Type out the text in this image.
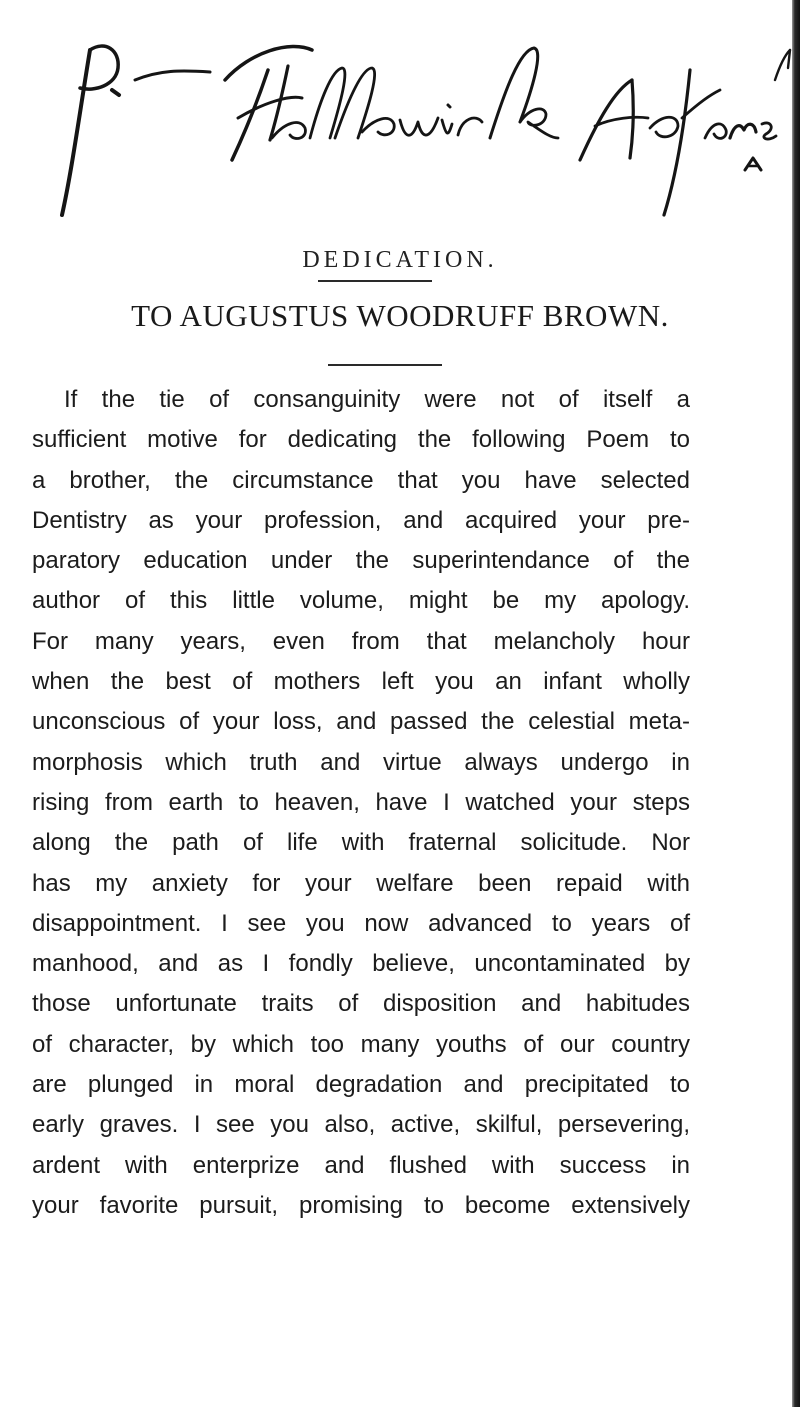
DEDICATION.
TO AUGUSTUS WOODRUFF BROWN.
If the tie of consanguinity were not of itself a
sufficient motive for dedicating the following Poem to
a brother, the circumstance that you have selected
Dentistry as your profession, and acquired your pre-
paratory education under the superintendance of the
author of this little volume, might be my apology.
For many years, even from that melancholy hour
when the best of mothers left you an infant wholly
unconscious of your loss, and passed the celestial meta-
morphosis which truth and virtue always undergo in
rising from earth to heaven, have I watched your steps
along the path of life with fraternal solicitude. Nor
has my anxiety for your welfare been repaid with
disappointment. I see you now advanced to years of
manhood, and as I fondly believe, uncontaminated by
those unfortunate traits of disposition and habitudes
of character, by which too many youths of our country
are plunged in moral degradation and precipitated to
early graves. I see you also, active, skilful, persevering,
ardent with enterprize and flushed with success in
your favorite pursuit, promising to become extensively
